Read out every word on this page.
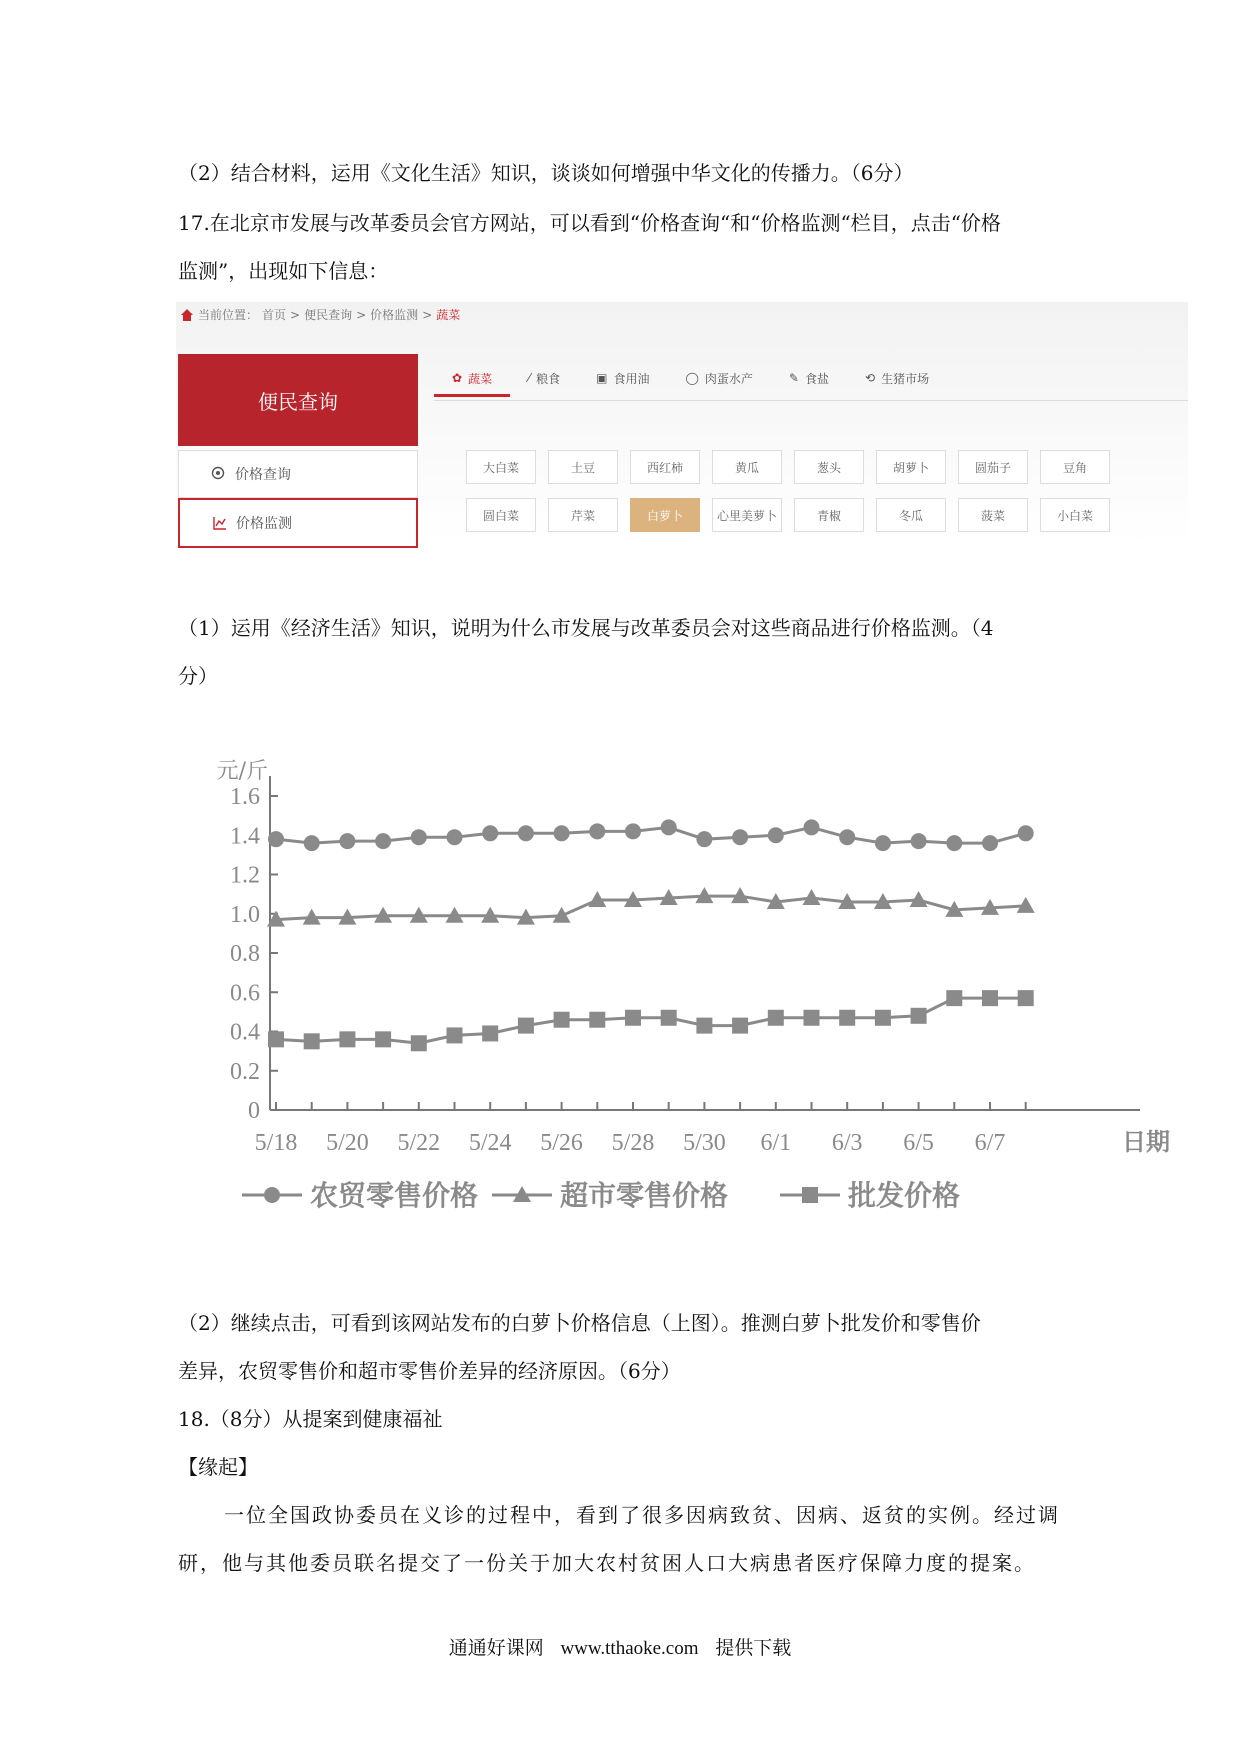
（2）结合材料，运用《文化生活》知识，谈谈如何增强中华文化的传播力。（6分）
17.在北京市发展与改革委员会官方网站，可以看到“价格查询“和“价格监测“栏目，点击“价格
监测”，出现如下信息：
当前位置： 首页 > 便民查询 > 价格监测 > 蔬菜
便民查询
价格查询
价格监测
✿ 蔬菜	⁄ 粮食	▣ 食用油	◯ 肉蛋水产	✎ 食盐	⟲ 生猪市场
大白菜	土豆	西红柿	黄瓜	葱头	胡萝卜	圆茄子	豆角
圆白菜	芹菜	白萝卜	心里美萝卜	青椒	冬瓜	菠菜	小白菜
（1）运用《经济生活》知识，说明为什么市发展与改革委员会对这些商品进行价格监测。（4
分）
0
0.2
0.4
0.6
0.8
1.0
1.2
1.4
1.6
元/斤
5/18 5/20 5/22 5/24 5/26 5/28 5/30 6/1 6/3 6/5 6/7	日期
农贸零售价格	超市零售价格	批发价格
（2）继续点击，可看到该网站发布的白萝卜价格信息（上图）。推测白萝卜批发价和零售价
差异，农贸零售价和超市零售价差异的经济原因。（6分）
18.（8分）从提案到健康福祉
【缘起】
一位全国政协委员在义诊的过程中，看到了很多因病致贫、因病、返贫的实例。经过调
研，他与其他委员联名提交了一份关于加大农村贫困人口大病患者医疗保障力度的提案。
通通好课网 www.tthaoke.com 提供下载
